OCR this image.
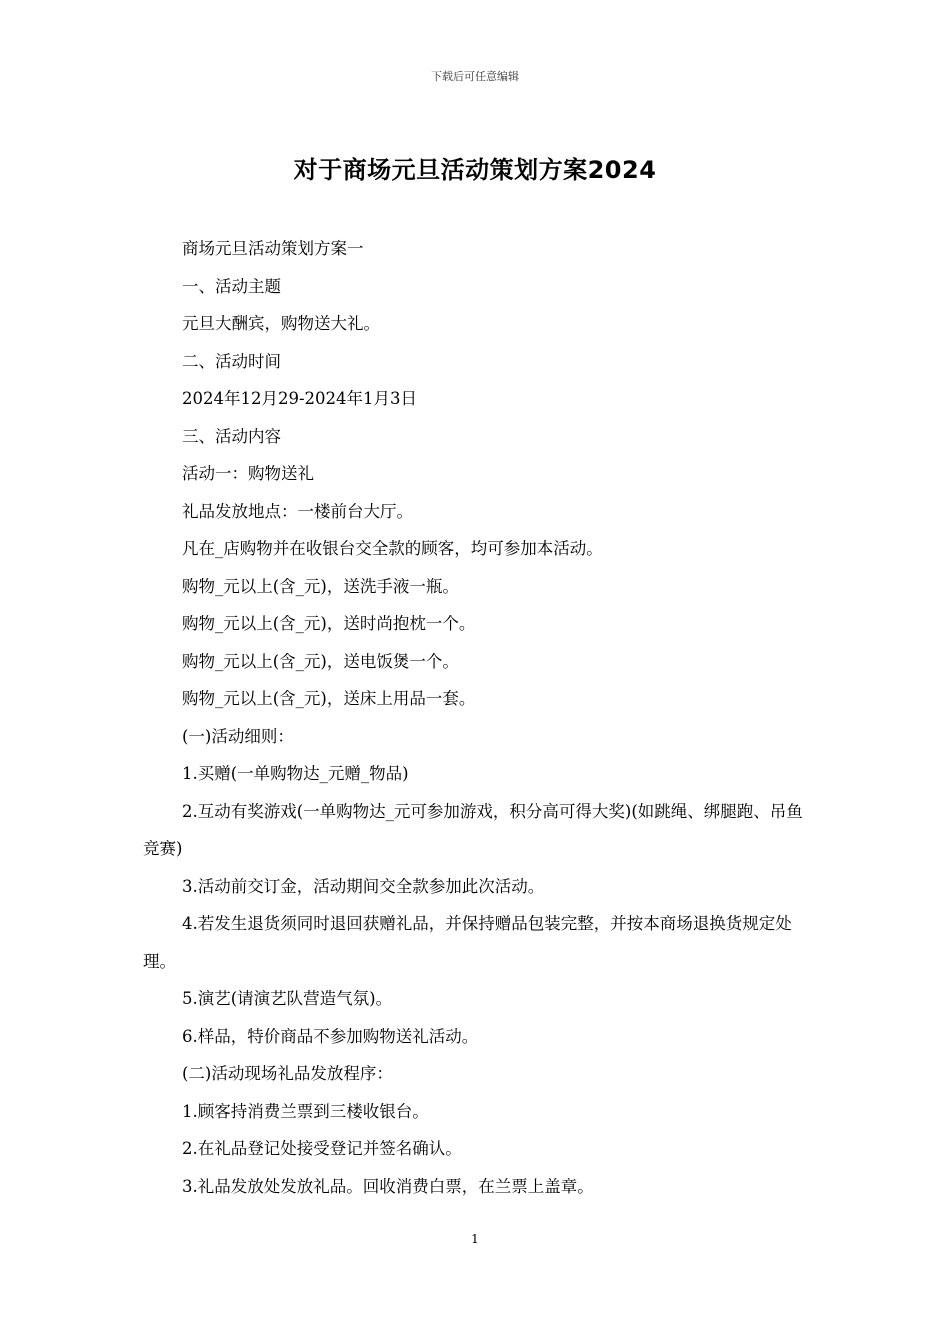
下载后可任意编辑
对于商场元旦活动策划方案2024

商场元旦活动策划方案一

一、活动主题

元旦大酬宾，购物送大礼。

二、活动时间

2024年12月29-2024年1月3日

三、活动内容

活动一：购物送礼

礼品发放地点：一楼前台大厅。

凡在_店购物并在收银台交全款的顾客，均可参加本活动。

购物_元以上(含_元)，送洗手液一瓶。

购物_元以上(含_元)，送时尚抱枕一个。

购物_元以上(含_元)，送电饭煲一个。

购物_元以上(含_元)，送床上用品一套。

(一)活动细则：

1.买赠(一单购物达_元赠_物品)

2.互动有奖游戏(一单购物达_元可参加游戏，积分高可得大奖)(如跳绳、绑腿跑、吊鱼竞赛)

3.活动前交订金，活动期间交全款参加此次活动。

4.若发生退货须同时退回获赠礼品，并保持赠品包装完整，并按本商场退换货规定处理。

5.演艺(请演艺队营造气氛)。

6.样品，特价商品不参加购物送礼活动。

(二)活动现场礼品发放程序：

1.顾客持消费兰票到三楼收银台。

2.在礼品登记处接受登记并签名确认。

3.礼品发放处发放礼品。回收消费白票，在兰票上盖章。

1
